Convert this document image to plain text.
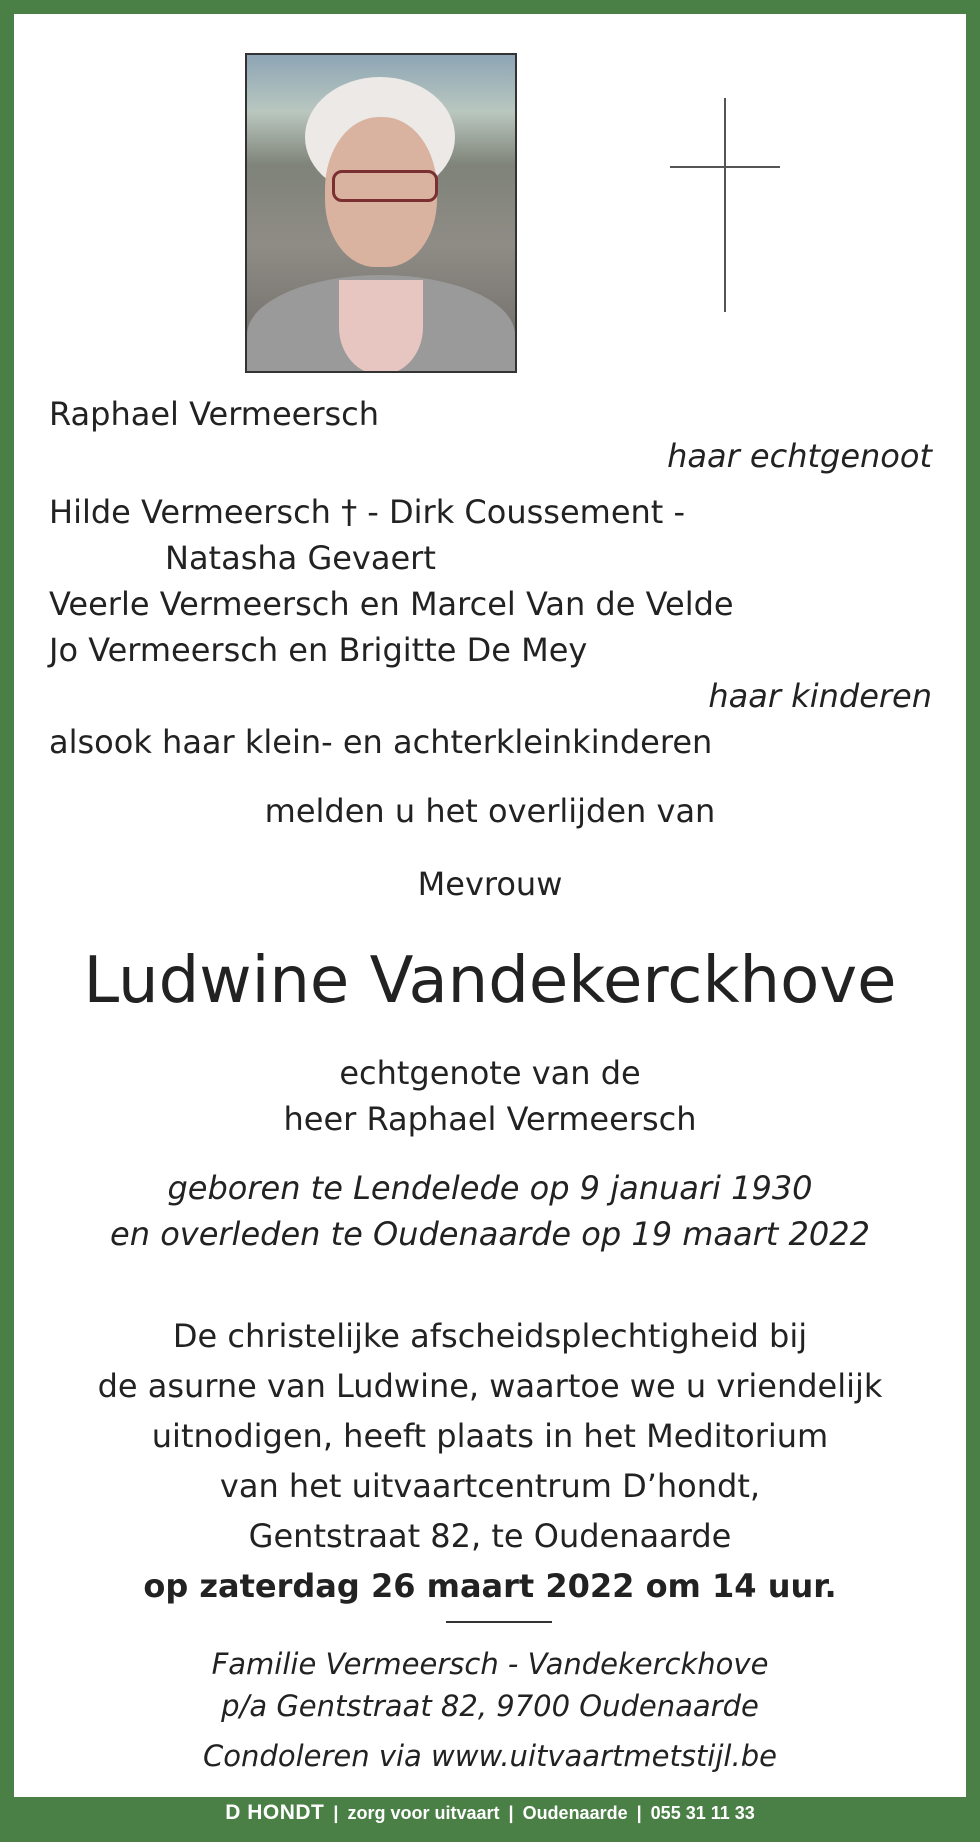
Raphael Vermeersch
haar echtgenoot
Hilde Vermeersch † - Dirk Coussement -
Natasha Gevaert
Veerle Vermeersch en Marcel Van de Velde
Jo Vermeersch en Brigitte De Mey
haar kinderen
alsook haar klein- en achterkleinkinderen
melden u het overlijden van
Mevrouw
Ludwine Vandekerckhove
echtgenote van de
heer Raphael Vermeersch
geboren te Lendelede op 9 januari 1930
en overleden te Oudenaarde op 19 maart 2022
De christelijke afscheidsplechtigheid bij
de asurne van Ludwine, waartoe we u vriendelijk
uitnodigen, heeft plaats in het Meditorium
van het uitvaartcentrum D’hondt,
Gentstraat 82, te Oudenaarde
op zaterdag 26 maart 2022 om 14 uur.
Familie Vermeersch - Vandekerckhove
p/a Gentstraat 82, 9700 Oudenaarde
Condoleren via www.uitvaartmetstijl.be
D HONDT | zorg voor uitvaart | Oudenaarde | 055 31 11 33
